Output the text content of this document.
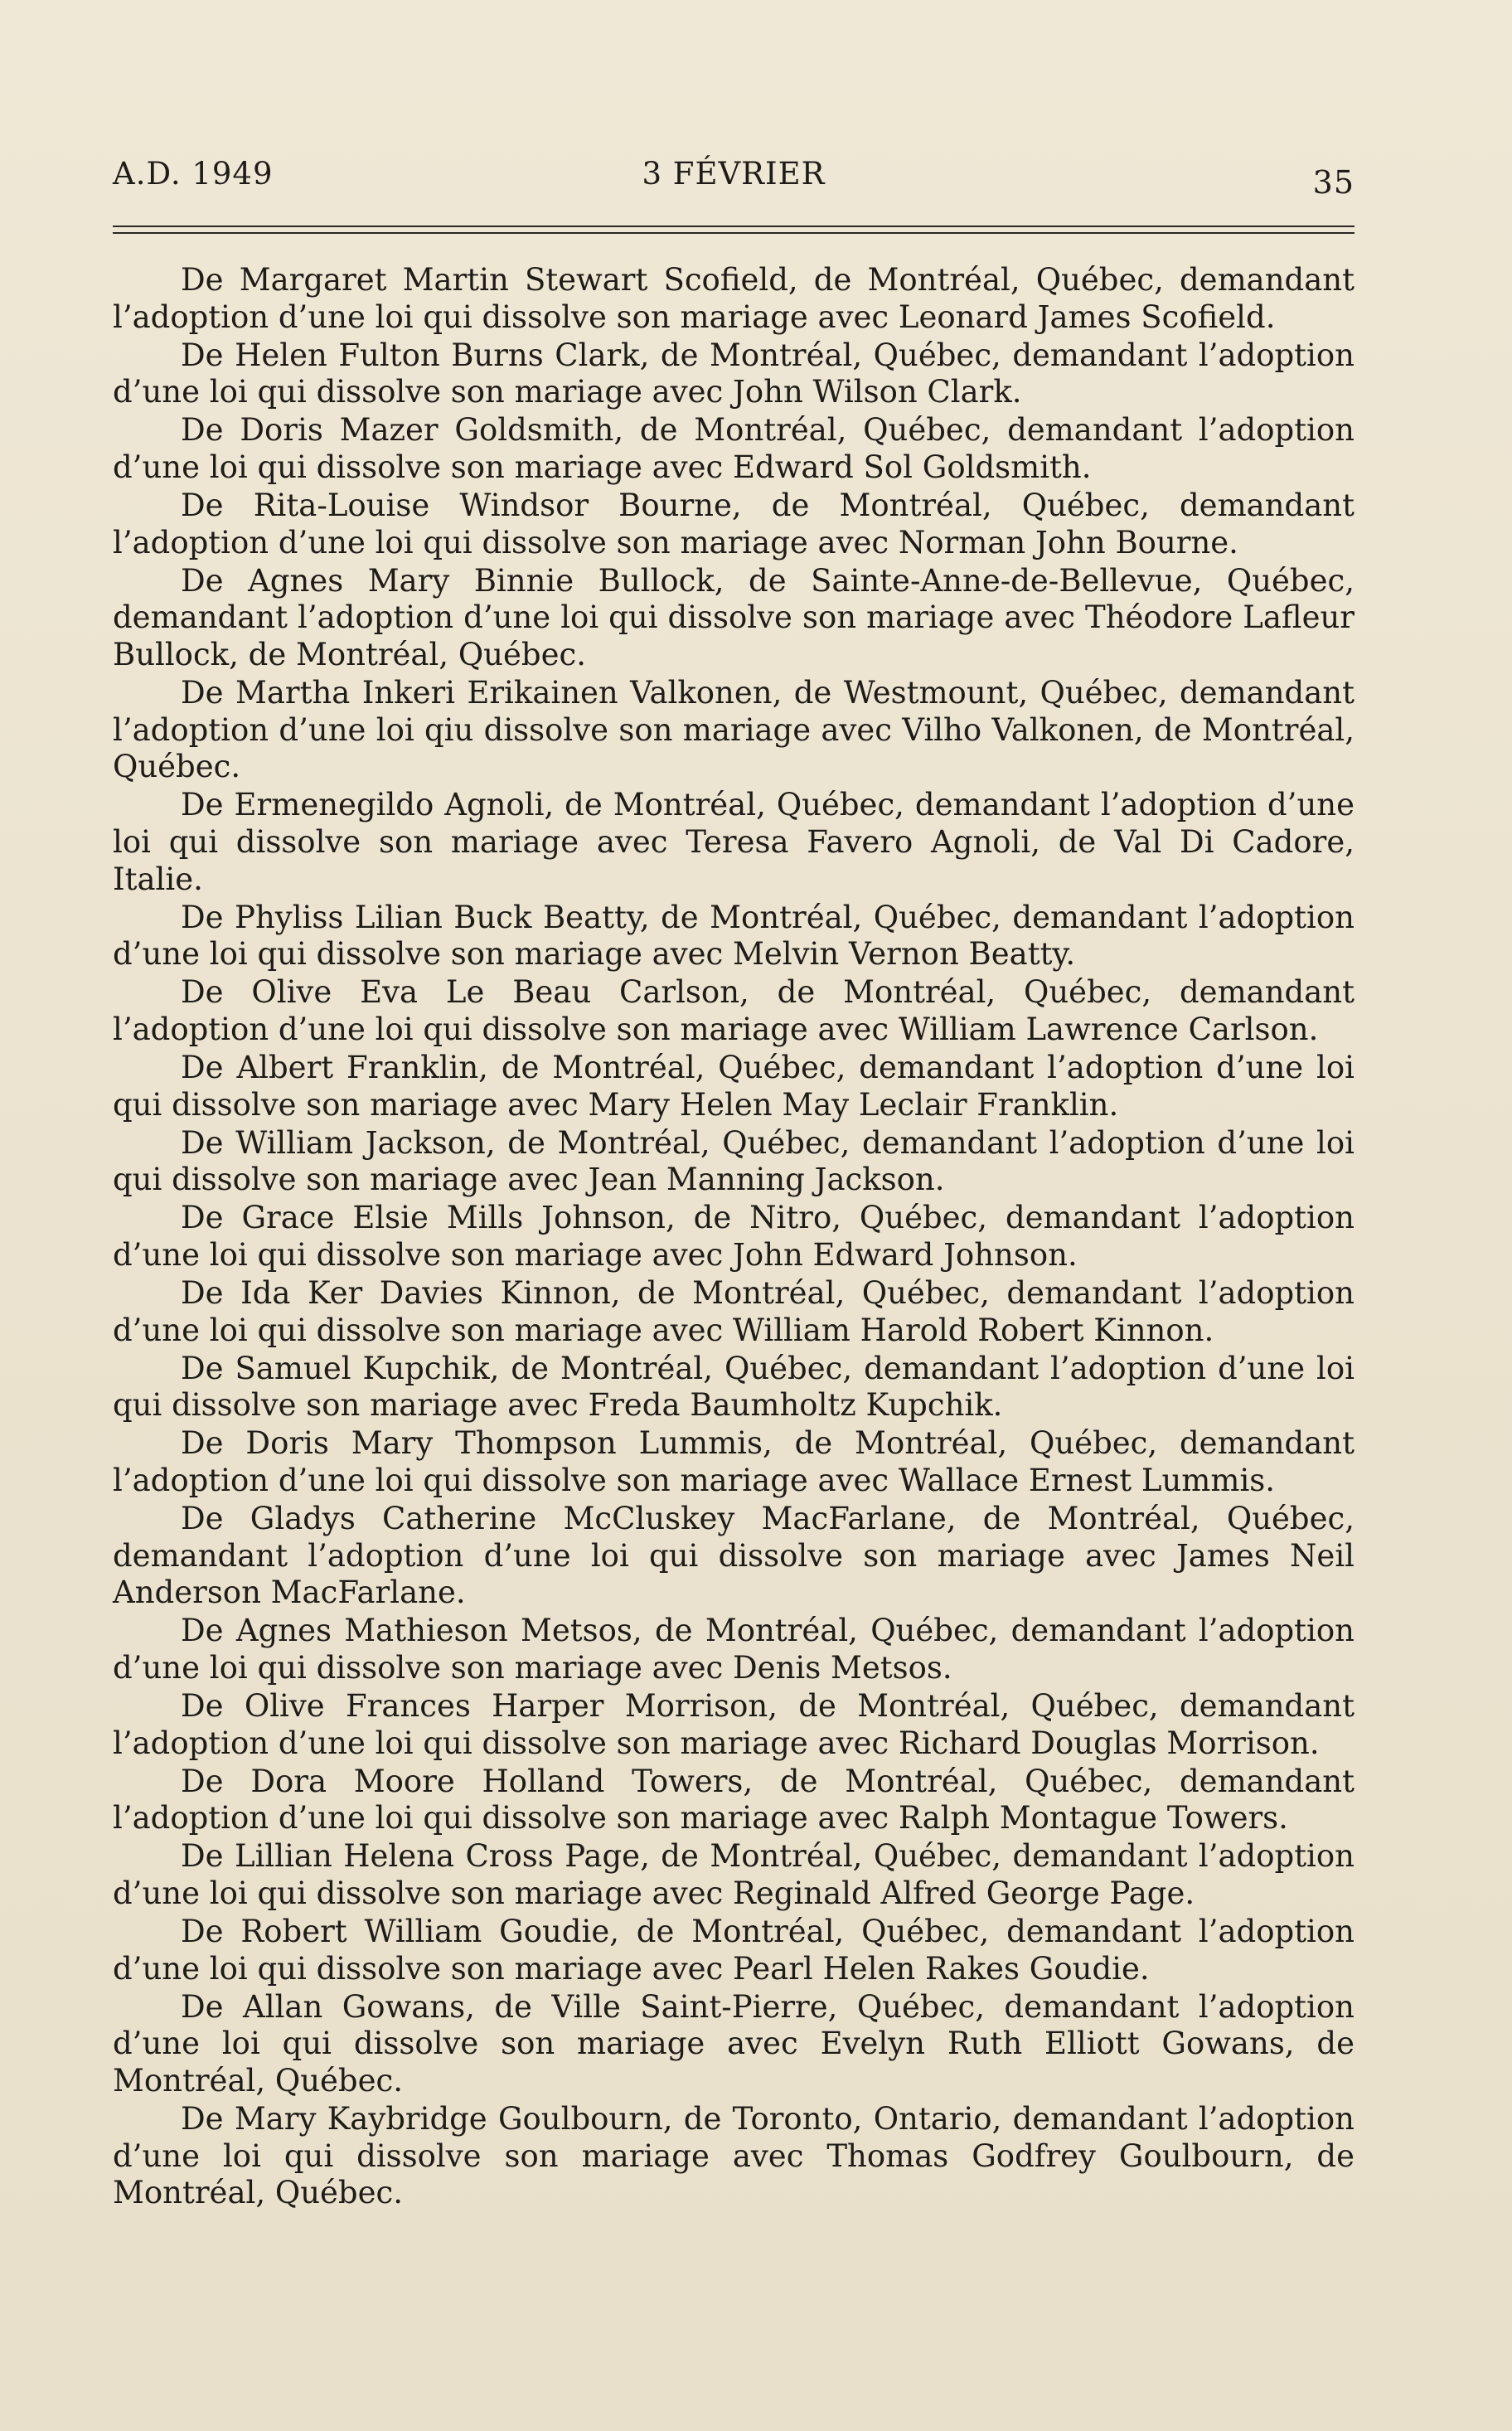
A.D. 1949	3 FÉVRIER	35

De Margaret Martin Stewart Scofield, de Montréal, Québec, demandant l’adoption d’une loi qui dissolve son mariage avec Leonard James Scofield.

De Helen Fulton Burns Clark, de Montréal, Québec, demandant l’adoption d’une loi qui dissolve son mariage avec John Wilson Clark.

De Doris Mazer Goldsmith, de Montréal, Québec, demandant l’adoption d’une loi qui dissolve son mariage avec Edward Sol Goldsmith.

De Rita-Louise Windsor Bourne, de Montréal, Québec, demandant l’adoption d’une loi qui dissolve son mariage avec Norman John Bourne.

De Agnes Mary Binnie Bullock, de Sainte-Anne-de-Bellevue, Québec, demandant l’adoption d’une loi qui dissolve son mariage avec Théodore Lafleur Bullock, de Montréal, Québec.

De Martha Inkeri Erikainen Valkonen, de Westmount, Québec, demandant l’adoption d’une loi qiu dissolve son mariage avec Vilho Valkonen, de Montréal, Québec.

De Ermenegildo Agnoli, de Montréal, Québec, demandant l’adoption d’une loi qui dissolve son mariage avec Teresa Favero Agnoli, de Val Di Cadore, Italie.

De Phyliss Lilian Buck Beatty, de Montréal, Québec, demandant l’adoption d’une loi qui dissolve son mariage avec Melvin Vernon Beatty.

De Olive Eva Le Beau Carlson, de Montréal, Québec, demandant l’adoption d’une loi qui dissolve son mariage avec William Lawrence Carlson.

De Albert Franklin, de Montréal, Québec, demandant l’adoption d’une loi qui dissolve son mariage avec Mary Helen May Leclair Franklin.

De William Jackson, de Montréal, Québec, demandant l’adoption d’une loi qui dissolve son mariage avec Jean Manning Jackson.

De Grace Elsie Mills Johnson, de Nitro, Québec, demandant l’adoption d’une loi qui dissolve son mariage avec John Edward Johnson.

De Ida Ker Davies Kinnon, de Montréal, Québec, demandant l’adoption d’une loi qui dissolve son mariage avec William Harold Robert Kinnon.

De Samuel Kupchik, de Montréal, Québec, demandant l’adoption d’une loi qui dissolve son mariage avec Freda Baumholtz Kupchik.

De Doris Mary Thompson Lummis, de Montréal, Québec, demandant l’adoption d’une loi qui dissolve son mariage avec Wallace Ernest Lummis.

De Gladys Catherine McCluskey MacFarlane, de Montréal, Québec, demandant l’adoption d’une loi qui dissolve son mariage avec James Neil Anderson MacFarlane.

De Agnes Mathieson Metsos, de Montréal, Québec, demandant l’adoption d’une loi qui dissolve son mariage avec Denis Metsos.

De Olive Frances Harper Morrison, de Montréal, Québec, demandant l’adoption d’une loi qui dissolve son mariage avec Richard Douglas Morrison.

De Dora Moore Holland Towers, de Montréal, Québec, demandant l’adoption d’une loi qui dissolve son mariage avec Ralph Montague Towers.

De Lillian Helena Cross Page, de Montréal, Québec, demandant l’adoption d’une loi qui dissolve son mariage avec Reginald Alfred George Page.

De Robert William Goudie, de Montréal, Québec, demandant l’adoption d’une loi qui dissolve son mariage avec Pearl Helen Rakes Goudie.

De Allan Gowans, de Ville Saint-Pierre, Québec, demandant l’adoption d’une loi qui dissolve son mariage avec Evelyn Ruth Elliott Gowans, de Montréal, Québec.

De Mary Kaybridge Goulbourn, de Toronto, Ontario, demandant l’adoption d’une loi qui dissolve son mariage avec Thomas Godfrey Goulbourn, de Montréal, Québec.
